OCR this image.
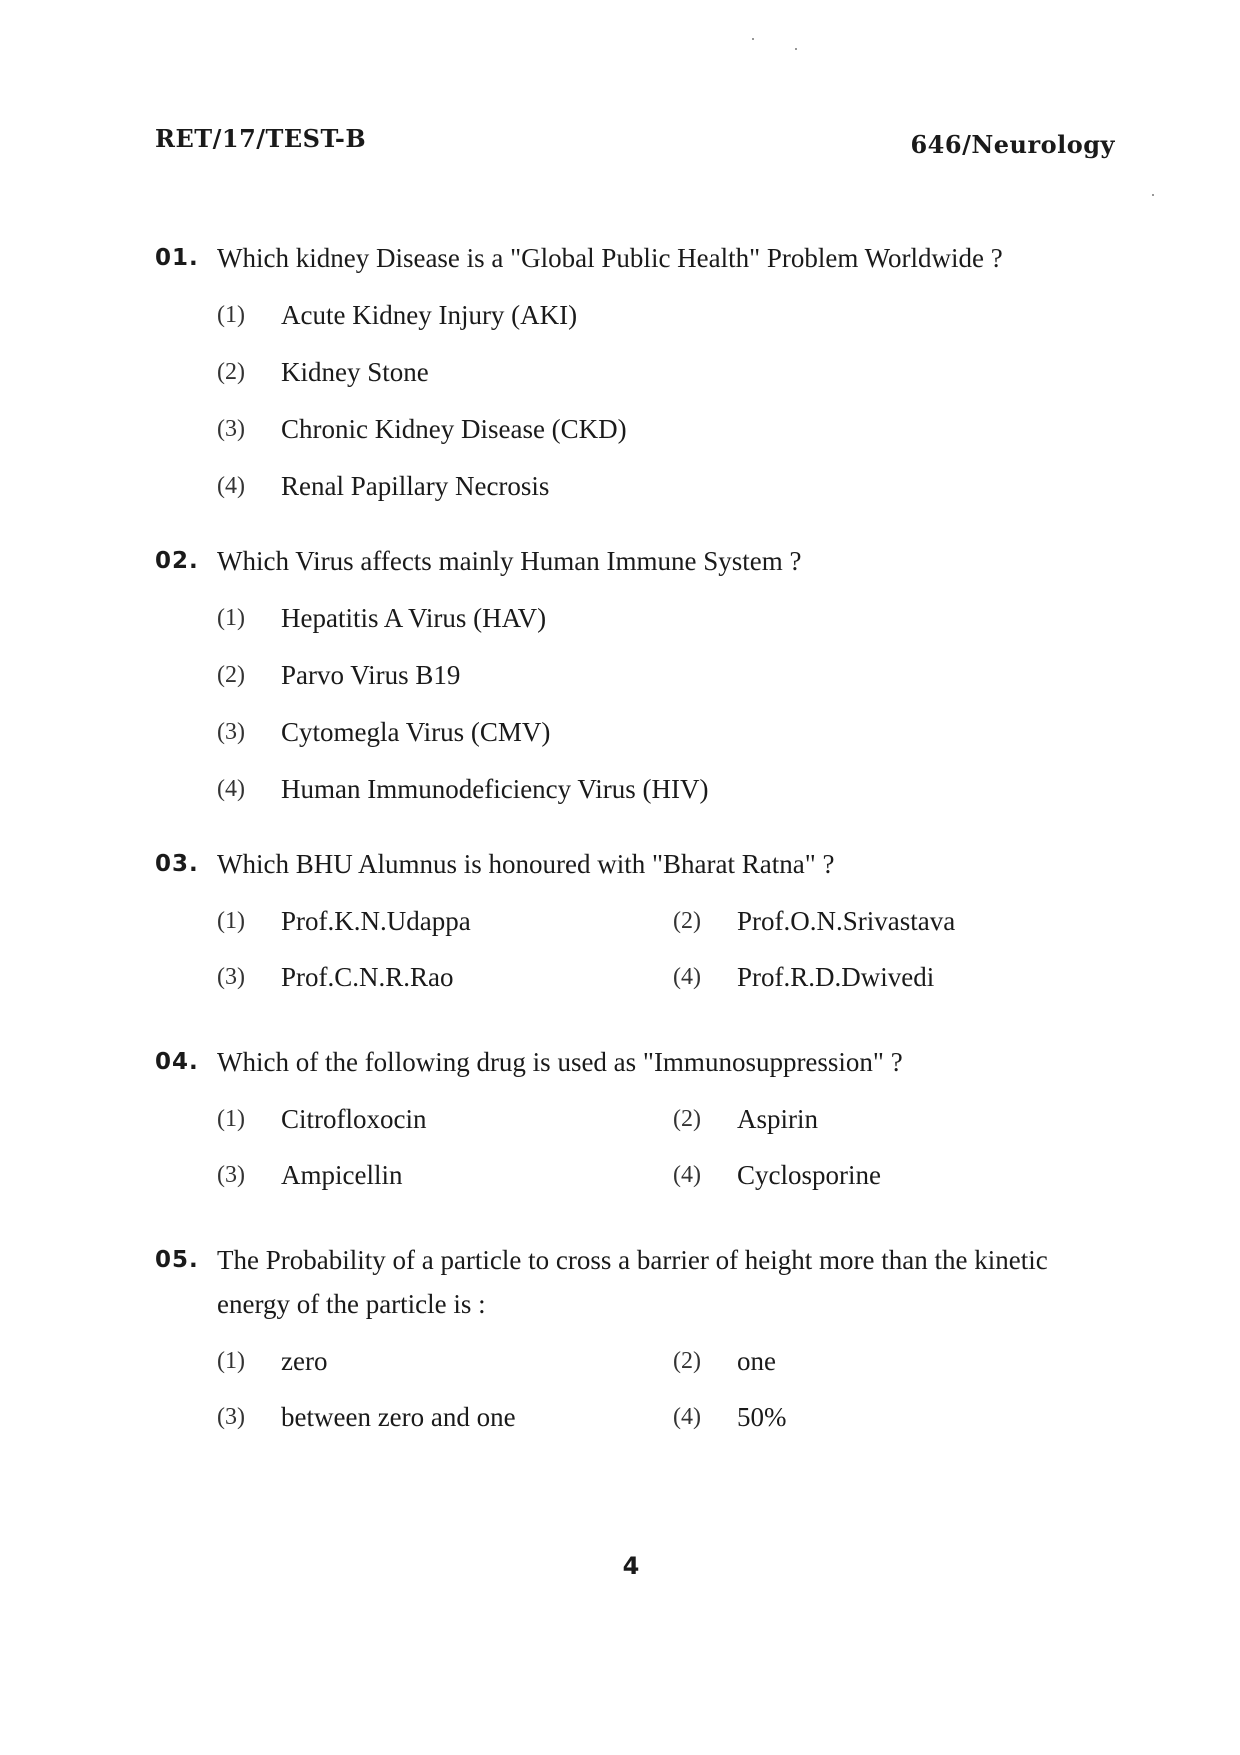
RET/17/TEST-B	646/Neurology
01. Which kidney Disease is a "Global Public Health" Problem Worldwide ?
(1) Acute Kidney Injury (AKI)
(2) Kidney Stone
(3) Chronic Kidney Disease (CKD)
(4) Renal Papillary Necrosis
02. Which Virus affects mainly Human Immune System ?
(1) Hepatitis A Virus (HAV)
(2) Parvo Virus B19
(3) Cytomegla Virus (CMV)
(4) Human Immunodeficiency Virus (HIV)
03. Which BHU Alumnus is honoured with "Bharat Ratna" ?
(1) Prof.K.N.Udappa	(2) Prof.O.N.Srivastava
(3) Prof.C.N.R.Rao	(4) Prof.R.D.Dwivedi
04. Which of the following drug is used as "Immunosuppression" ?
(1) Citrofloxocin	(2) Aspirin
(3) Ampicellin	(4) Cyclosporine
05. The Probability of a particle to cross a barrier of height more than the kinetic energy of the particle is :
(1) zero	(2) one
(3) between zero and one	(4) 50%
4
